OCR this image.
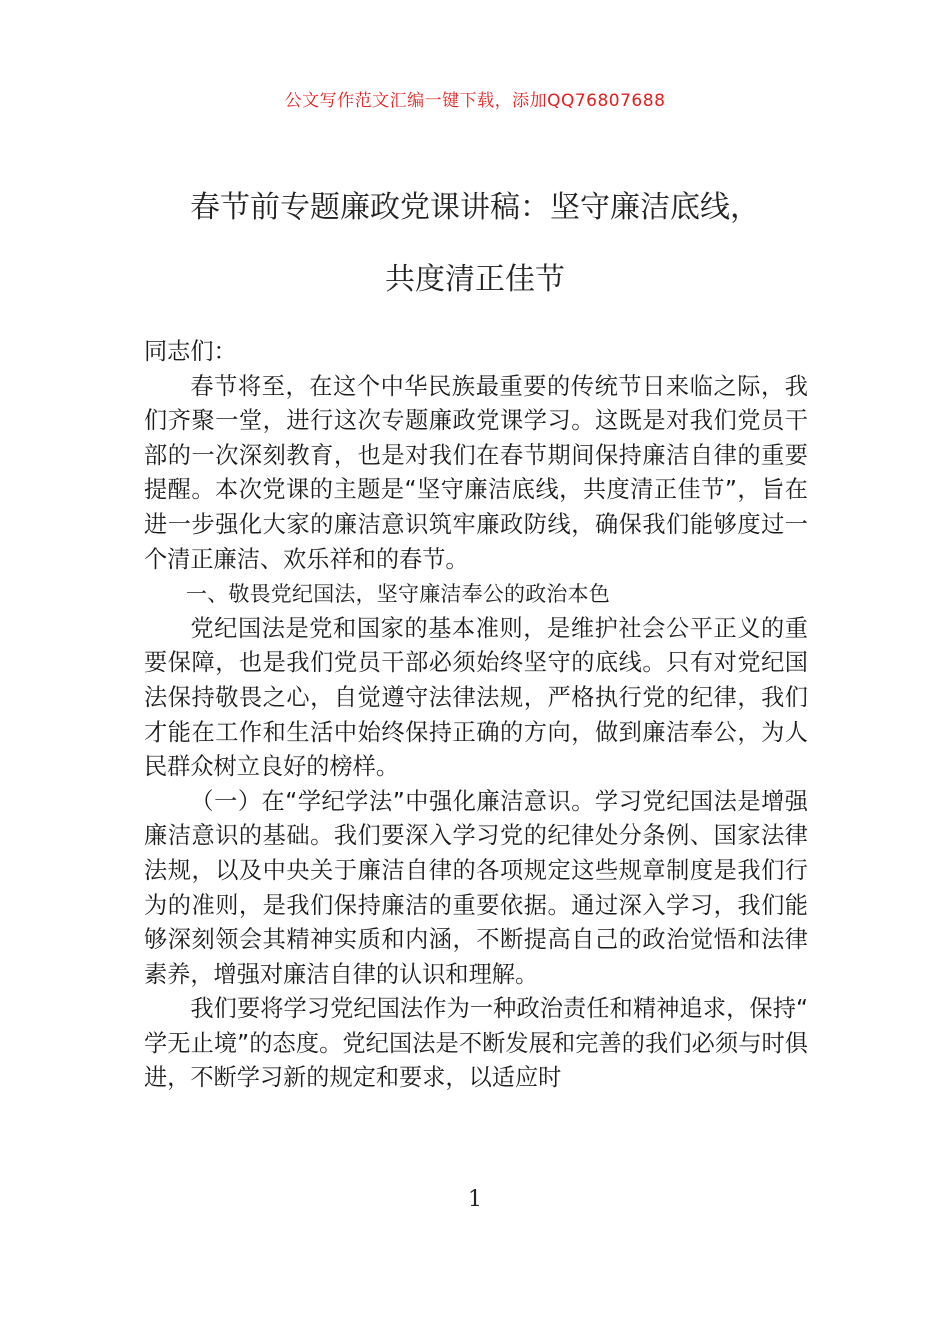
公文写作范文汇编一键下载，添加QQ76807688
春节前专题廉政党课讲稿：坚守廉洁底线，
共度清正佳节

同志们：

春节将至，在这个中华民族最重要的传统节日来临之际，我们齐聚一堂，进行这次专题廉政党课学习。这既是对我们党员干部的一次深刻教育，也是对我们在春节期间保持廉洁自律的重要提醒。本次党课的主题是“坚守廉洁底线，共度清正佳节”，旨在进一步强化大家的廉洁意识筑牢廉政防线，确保我们能够度过一个清正廉洁、欢乐祥和的春节。

一、敬畏党纪国法，坚守廉洁奉公的政治本色

党纪国法是党和国家的基本准则，是维护社会公平正义的重要保障，也是我们党员干部必须始终坚守的底线。只有对党纪国法保持敬畏之心，自觉遵守法律法规，严格执行党的纪律，我们才能在工作和生活中始终保持正确的方向，做到廉洁奉公，为人民群众树立良好的榜样。

（一）在“学纪学法”中强化廉洁意识。学习党纪国法是增强廉洁意识的基础。我们要深入学习党的纪律处分条例、国家法律法规，以及中央关于廉洁自律的各项规定这些规章制度是我们行为的准则，是我们保持廉洁的重要依据。通过深入学习，我们能够深刻领会其精神实质和内涵，不断提高自己的政治觉悟和法律素养，增强对廉洁自律的认识和理解。

我们要将学习党纪国法作为一种政治责任和精神追求，保持“学无止境”的态度。党纪国法是不断发展和完善的我们必须与时俱进，不断学习新的规定和要求，以适应时

1
